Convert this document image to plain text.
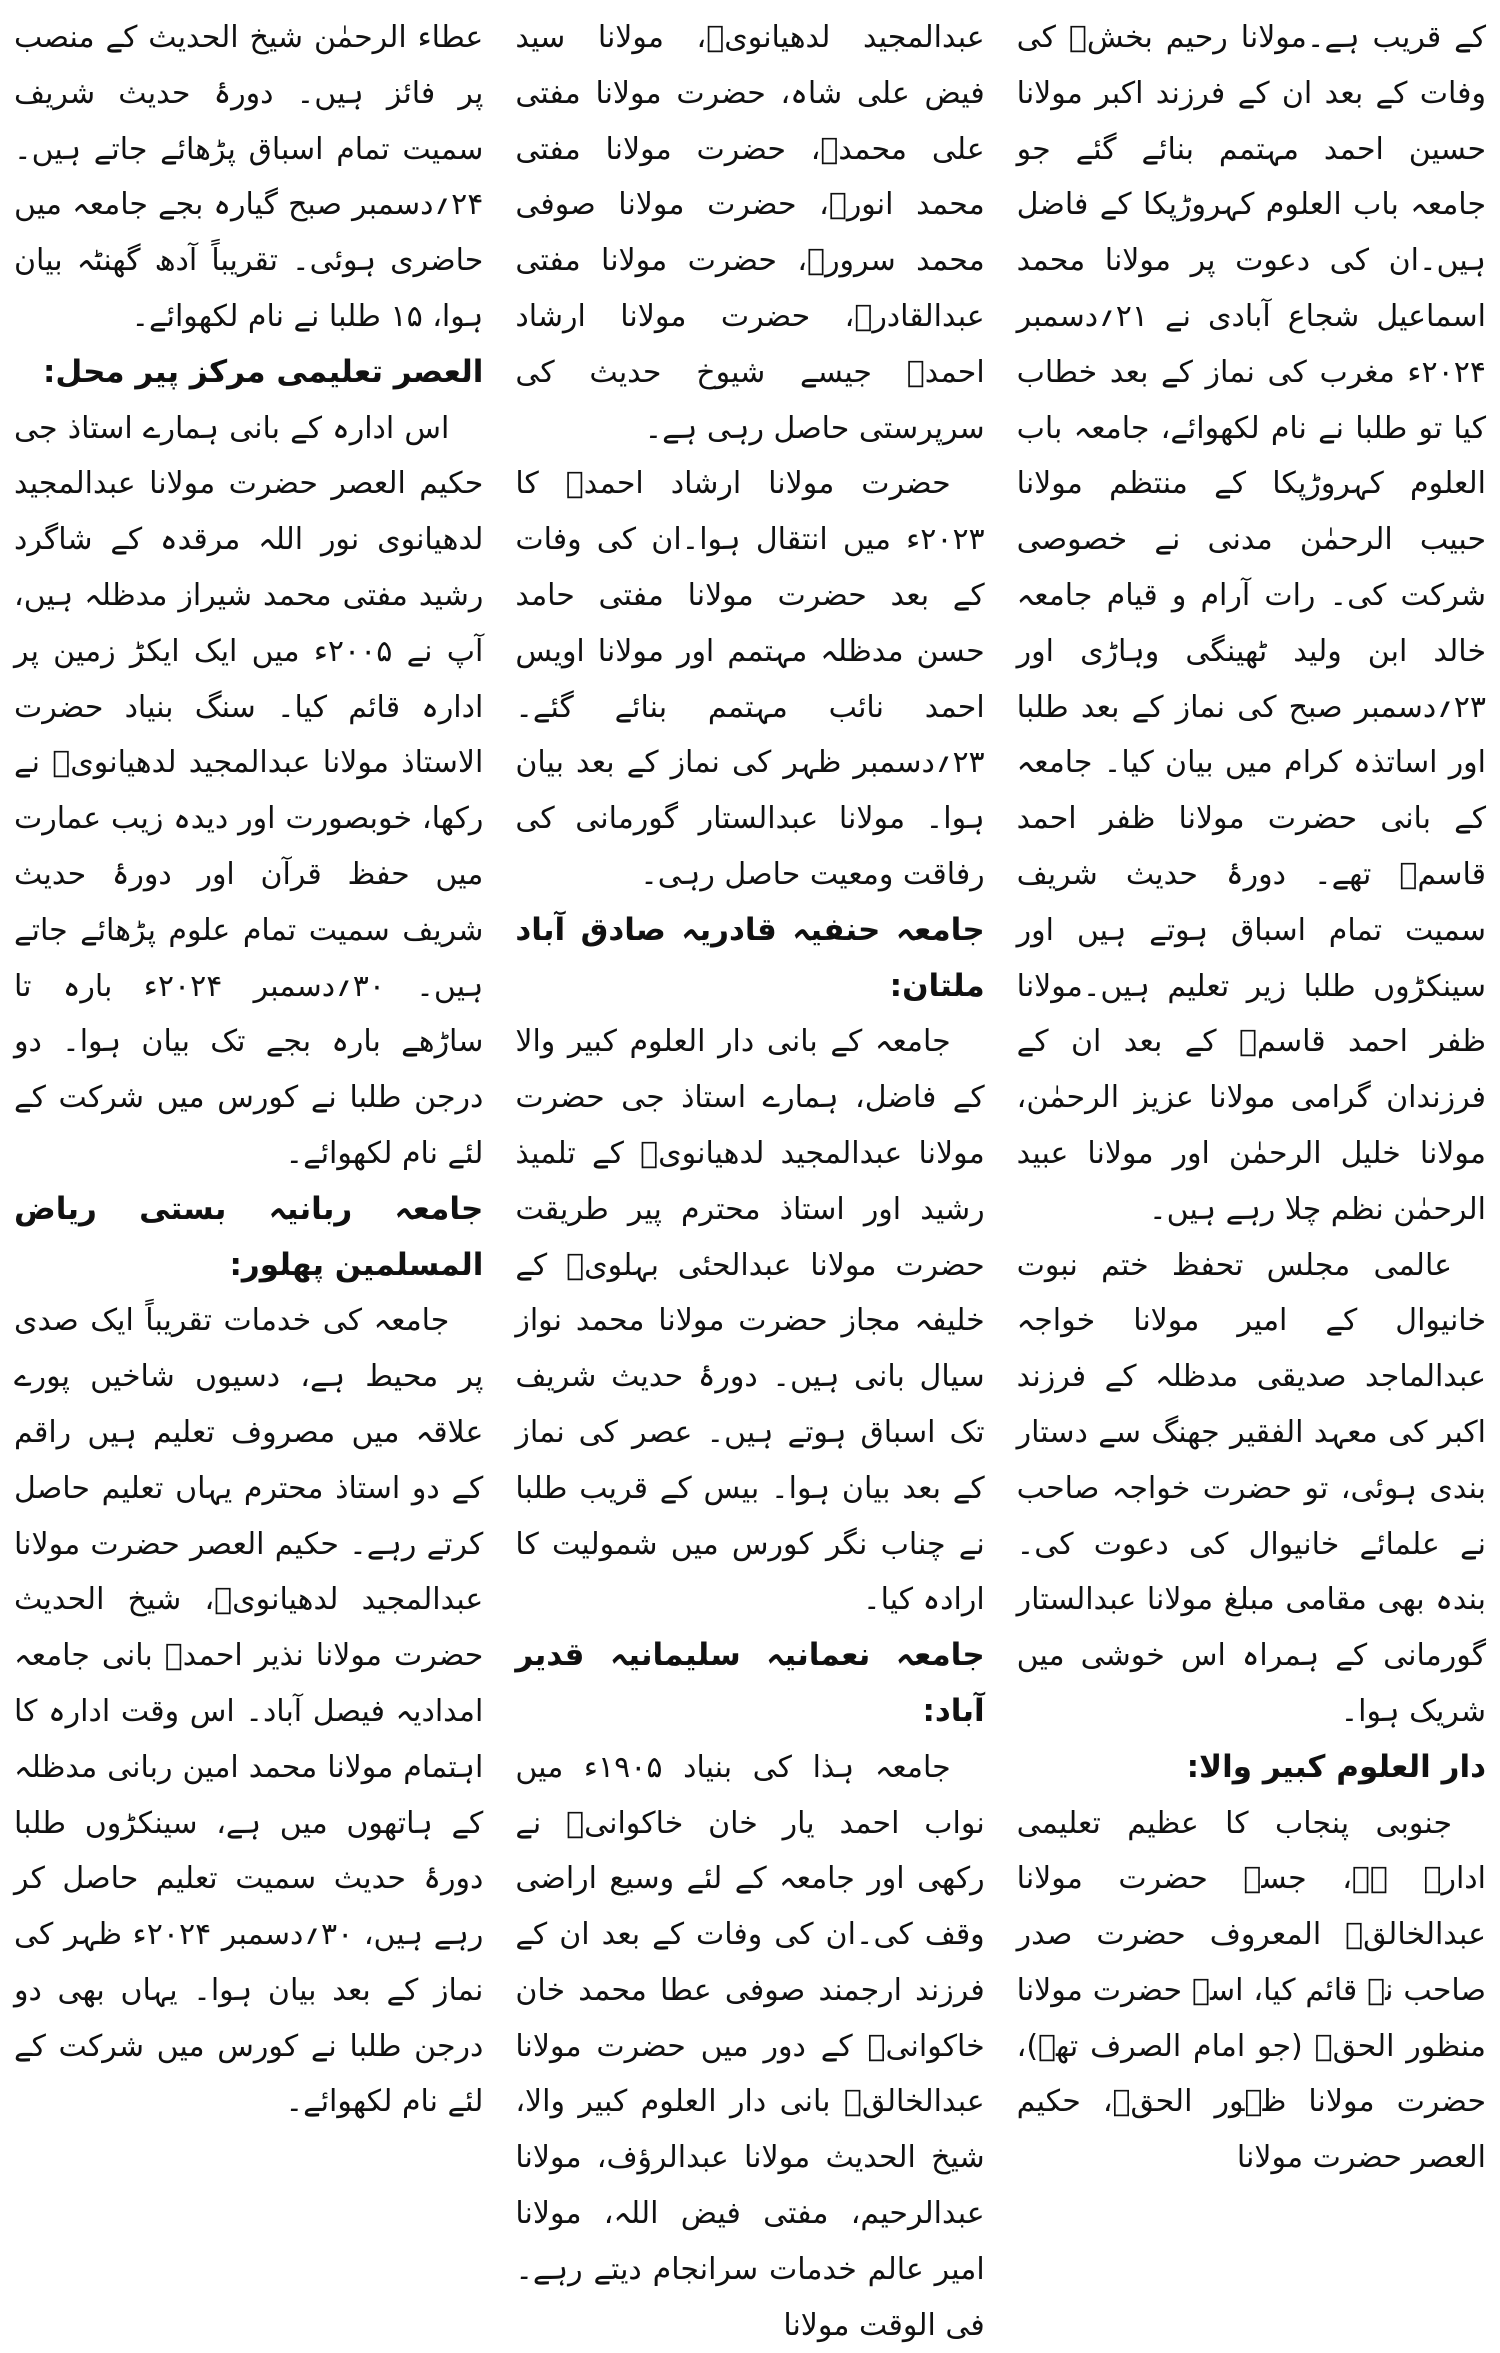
کے قریب ہے۔مولانا رحیم بخشؒ کی وفات کے بعد ان کے فرزند اکبر مولانا حسین احمد مہتمم بنائے گئے جو جامعہ باب العلوم کہروڑپکا کے فاضل ہیں۔ان کی دعوت پر مولانا محمد اسماعیل شجاع آبادی نے ۲۱؍دسمبر ۲۰۲۴ء مغرب کی نماز کے بعد خطاب کیا تو طلبا نے نام لکھوائے، جامعہ باب العلوم کہروڑپکا کے منتظم مولانا حبیب الرحمٰن مدنی نے خصوصی شرکت کی۔ رات آرام و قیام جامعہ خالد ابن ولید ٹھینگی وہاڑی اور ۲۳؍دسمبر صبح کی نماز کے بعد طلبا اور اساتذہ کرام میں بیان کیا۔ جامعہ کے بانی حضرت مولانا ظفر احمد قاسمؒ تھے۔ دورۂ حدیث شریف سمیت تمام اسباق ہوتے ہیں اور سینکڑوں طلبا زیر تعلیم ہیں۔مولانا ظفر احمد قاسمؒ کے بعد ان کے فرزندان گرامی مولانا عزیز الرحمٰن، مولانا خلیل الرحمٰن اور مولانا عبید الرحمٰن نظم چلا رہے ہیں۔

عالمی مجلس تحفظ ختم نبوت خانیوال کے امیر مولانا خواجہ عبدالماجد صدیقی مدظلہ کے فرزند اکبر کی معہد الفقیر جھنگ سے دستار بندی ہوئی، تو حضرت خواجہ صاحب نے علمائے خانیوال کی دعوت کی۔ بندہ بھی مقامی مبلغ مولانا عبدالستار گورمانی کے ہمراہ اس خوشی میں شریک ہوا۔

دار العلوم کبیر والا:

جنوبی پنجاب کا عظیم تعلیمی ادارہ ہے، جسے حضرت مولانا عبدالخالقؒ المعروف حضرت صدر صاحب نے قائم کیا، اسے حضرت مولانا منظور الحقؒ (جو امام الصرف تھے)، حضرت مولانا ظہور الحقؒ، حکیم العصر حضرت مولانا

عبدالمجید لدھیانویؒ، مولانا سید فیض علی شاہ، حضرت مولانا مفتی علی محمدؒ، حضرت مولانا مفتی محمد انورؒ، حضرت مولانا صوفی محمد سرورؒ، حضرت مولانا مفتی عبدالقادرؒ، حضرت مولانا ارشاد احمدؒ جیسے شیوخ حدیث کی سرپرستی حاصل رہی ہے۔

حضرت مولانا ارشاد احمدؒ کا ۲۰۲۳ء میں انتقال ہوا۔ان کی وفات کے بعد حضرت مولانا مفتی حامد حسن مدظلہ مہتمم اور مولانا اویس احمد نائب مہتمم بنائے گئے۔ ۲۳؍دسمبر ظہر کی نماز کے بعد بیان ہوا۔ مولانا عبدالستار گورمانی کی رفاقت ومعیت حاصل رہی۔

جامعہ حنفیہ قادریہ صادق آباد ملتان:

جامعہ کے بانی دار العلوم کبیر والا کے فاضل، ہمارے استاذ جی حضرت مولانا عبدالمجید لدھیانویؒ کے تلمیذ رشید اور استاذ محترم پیر طریقت حضرت مولانا عبدالحئی بہلویؒ کے خلیفہ مجاز حضرت مولانا محمد نواز سیال بانی ہیں۔ دورۂ حدیث شریف تک اسباق ہوتے ہیں۔ عصر کی نماز کے بعد بیان ہوا۔ بیس کے قریب طلبا نے چناب نگر کورس میں شمولیت کا ارادہ کیا۔

جامعہ نعمانیہ سلیمانیہ قدیر آباد:

جامعہ ہذا کی بنیاد ۱۹۰۵ء میں نواب احمد یار خان خاکوانیؒ نے رکھی اور جامعہ کے لئے وسیع اراضی وقف کی۔ان کی وفات کے بعد ان کے فرزند ارجمند صوفی عطا محمد خان خاکوانیؒ کے دور میں حضرت مولانا عبدالخالقؒ بانی دار العلوم کبیر والا، شیخ الحدیث مولانا عبدالرؤف، مولانا عبدالرحیم، مفتی فیض اللہ، مولانا امیر عالم خدمات سرانجام دیتے رہے۔ فی الوقت مولانا

عطاء الرحمٰن شیخ الحدیث کے منصب پر فائز ہیں۔ دورۂ حدیث شریف سمیت تمام اسباق پڑھائے جاتے ہیں۔ ۲۴؍دسمبر صبح گیارہ بجے جامعہ میں حاضری ہوئی۔ تقریباً آدھ گھنٹہ بیان ہوا، ۱۵ طلبا نے نام لکھوائے۔

العصر تعلیمی مرکز پیر محل:

اس ادارہ کے بانی ہمارے استاذ جی حکیم العصر حضرت مولانا عبدالمجید لدھیانوی نور اللہ مرقدہ کے شاگرد رشید مفتی محمد شیراز مدظلہ ہیں، آپ نے ۲۰۰۵ء میں ایک ایکڑ زمین پر ادارہ قائم کیا۔ سنگ بنیاد حضرت الاستاذ مولانا عبدالمجید لدھیانویؒ نے رکھا، خوبصورت اور دیدہ زیب عمارت میں حفظ قرآن اور دورۂ حدیث شریف سمیت تمام علوم پڑھائے جاتے ہیں۔ ۳۰؍دسمبر ۲۰۲۴ء بارہ تا ساڑھے بارہ بجے تک بیان ہوا۔ دو درجن طلبا نے کورس میں شرکت کے لئے نام لکھوائے۔

جامعہ ربانیہ بستی ریاض المسلمین پھلور:

جامعہ کی خدمات تقریباً ایک صدی پر محیط ہے، دسیوں شاخیں پورے علاقہ میں مصروف تعلیم ہیں راقم کے دو استاذ محترم یہاں تعلیم حاصل کرتے رہے۔ حکیم العصر حضرت مولانا عبدالمجید لدھیانویؒ، شیخ الحدیث حضرت مولانا نذیر احمدؒ بانی جامعہ امدادیہ فیصل آباد۔ اس وقت ادارہ کا اہتمام مولانا محمد امین ربانی مدظلہ کے ہاتھوں میں ہے، سینکڑوں طلبا دورۂ حدیث سمیت تعلیم حاصل کر رہے ہیں، ۳۰؍دسمبر ۲۰۲۴ء ظہر کی نماز کے بعد بیان ہوا۔ یہاں بھی دو درجن طلبا نے کورس میں شرکت کے لئے نام لکھوائے۔
